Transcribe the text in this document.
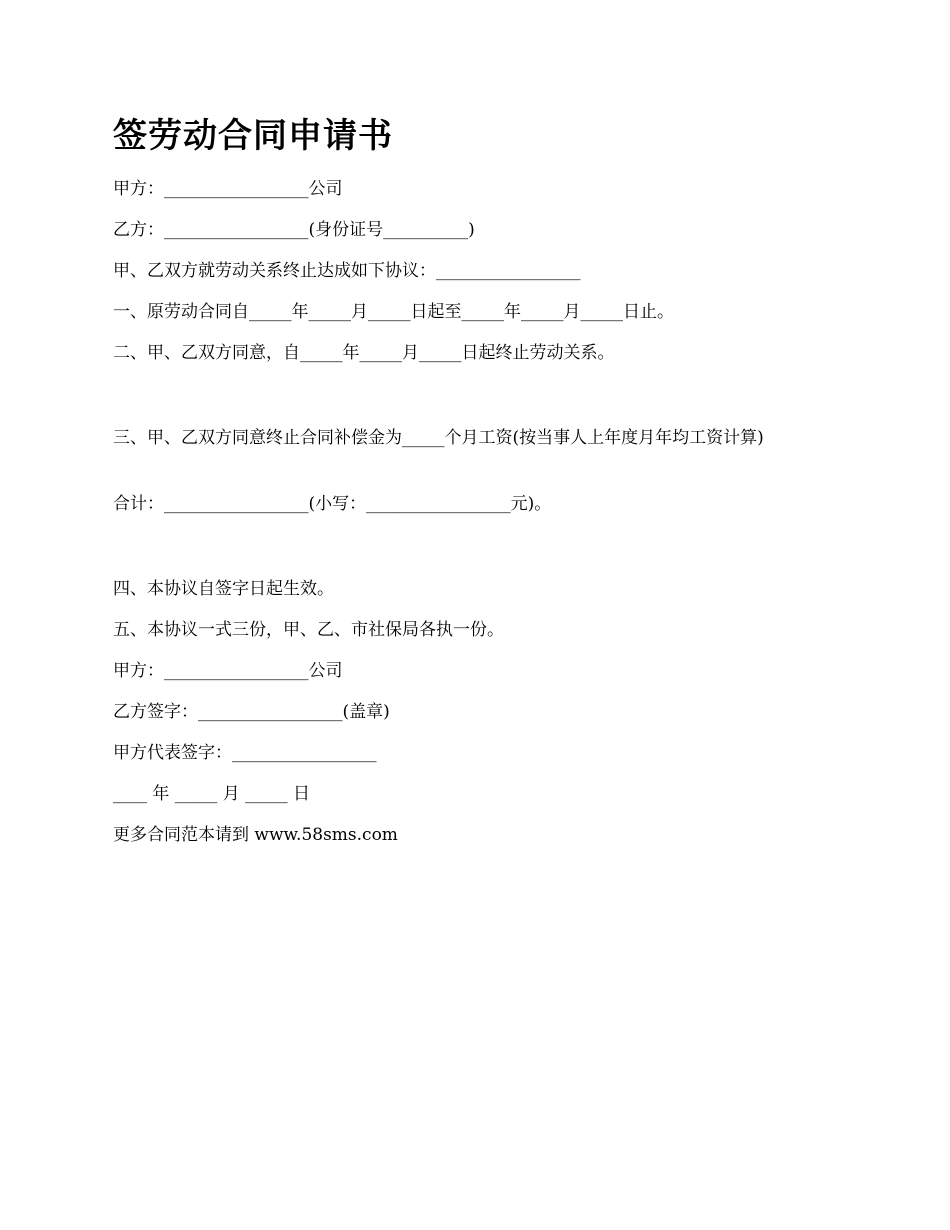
签劳动合同申请书

甲方：_________________公司

乙方：_________________(身份证号__________)

甲、乙双方就劳动关系终止达成如下协议：_________________

一、原劳动合同自_____年_____月_____日起至_____年_____月_____日止。

二、甲、乙双方同意，自_____年_____月_____日起终止劳动关系。

三、甲、乙双方同意终止合同补偿金为_____个月工资(按当事人上年度月年均工资计算)

合计：_________________(小写：_________________元)。

四、本协议自签字日起生效。

五、本协议一式三份，甲、乙、市社保局各执一份。

甲方：_________________公司

乙方签字：_________________(盖章)

甲方代表签字：_________________

____ 年 _____ 月 _____ 日

更多合同范本请到 www.58sms.com
